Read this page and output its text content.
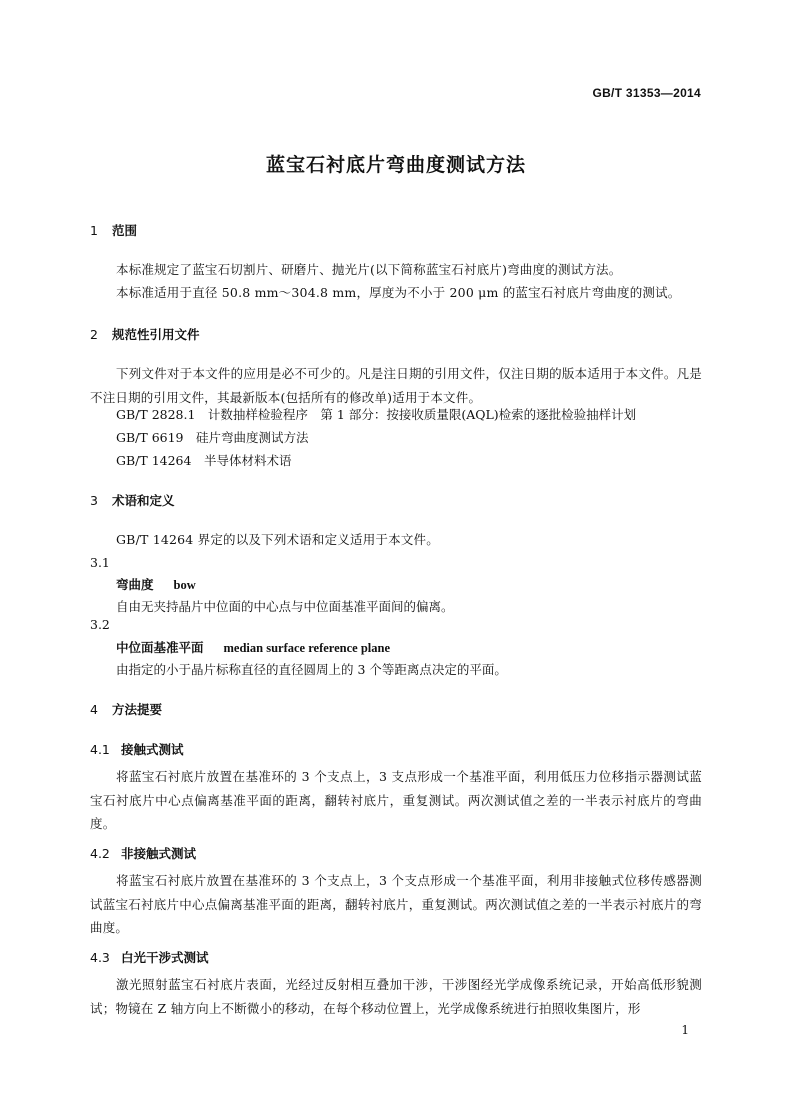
GB/T 31353—2014
蓝宝石衬底片弯曲度测试方法
1 范围
本标准规定了蓝宝石切割片、研磨片、抛光片(以下简称蓝宝石衬底片)弯曲度的测试方法。
本标准适用于直径 50.8 mm～304.8 mm，厚度为不小于 200 μm 的蓝宝石衬底片弯曲度的测试。
2 规范性引用文件
下列文件对于本文件的应用是必不可少的。凡是注日期的引用文件，仅注日期的版本适用于本文件。凡是不注日期的引用文件，其最新版本(包括所有的修改单)适用于本文件。
GB/T 2828.1　计数抽样检验程序　第 1 部分：按接收质量限(AQL)检索的逐批检验抽样计划
GB/T 6619　硅片弯曲度测试方法
GB/T 14264　半导体材料术语
3 术语和定义
GB/T 14264 界定的以及下列术语和定义适用于本文件。
3.1
弯曲度 bow
自由无夹持晶片中位面的中心点与中位面基准平面间的偏离。
3.2
中位面基准平面 median surface reference plane
由指定的小于晶片标称直径的直径圆周上的 3 个等距离点决定的平面。
4 方法提要
4.1 接触式测试
将蓝宝石衬底片放置在基准环的 3 个支点上，3 支点形成一个基准平面，利用低压力位移指示器测试蓝宝石衬底片中心点偏离基准平面的距离，翻转衬底片，重复测试。两次测试值之差的一半表示衬底片的弯曲度。
4.2 非接触式测试
将蓝宝石衬底片放置在基准环的 3 个支点上，3 个支点形成一个基准平面，利用非接触式位移传感器测试蓝宝石衬底片中心点偏离基准平面的距离，翻转衬底片，重复测试。两次测试值之差的一半表示衬底片的弯曲度。
4.3 白光干涉式测试
激光照射蓝宝石衬底片表面，光经过反射相互叠加干涉，干涉图经光学成像系统记录，开始高低形貌测试；物镜在 Z 轴方向上不断微小的移动，在每个移动位置上，光学成像系统进行拍照收集图片，形
1
